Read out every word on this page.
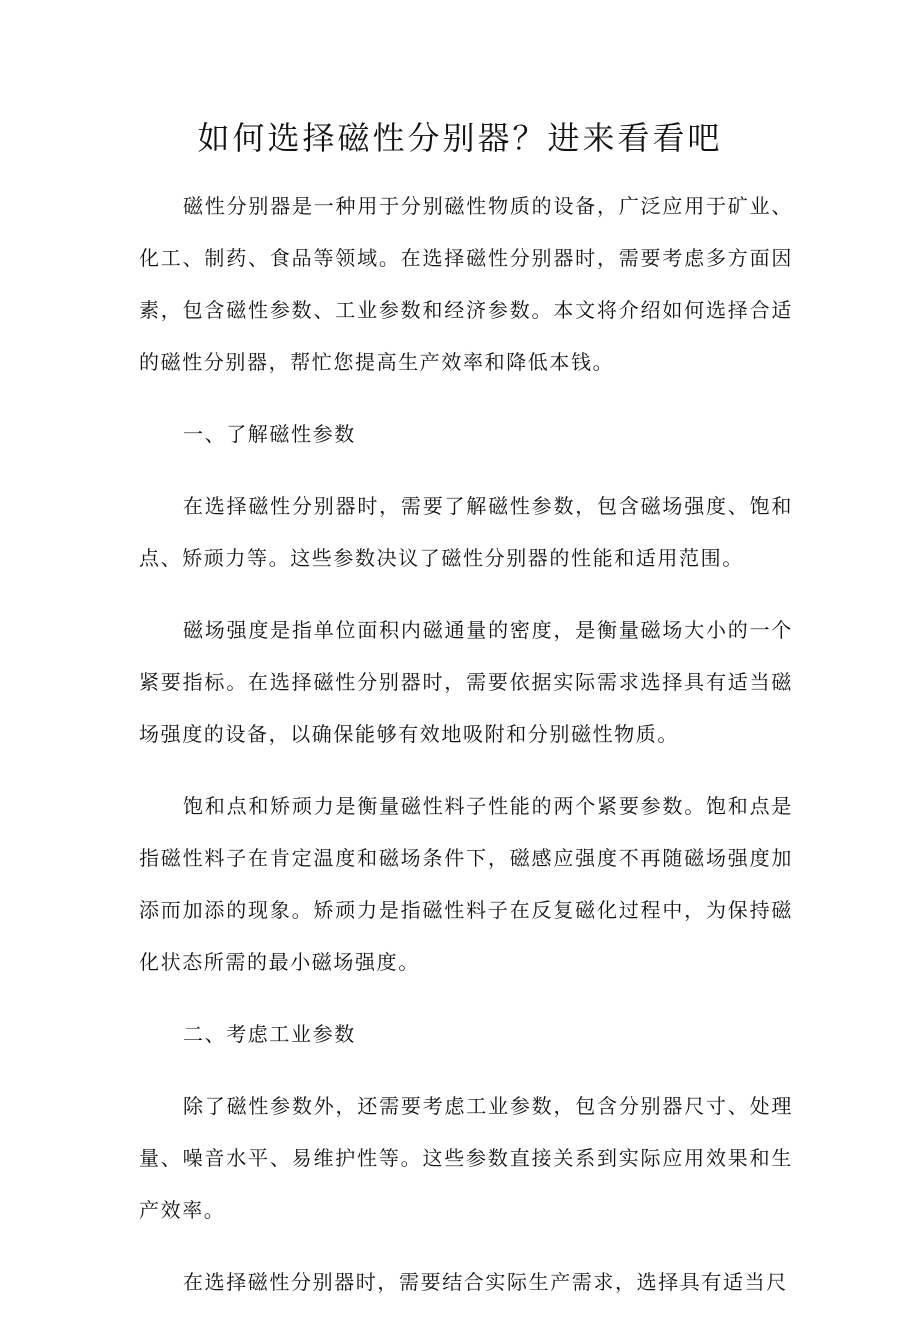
如何选择磁性分别器？进来看看吧

磁性分别器是一种用于分别磁性物质的设备，广泛应用于矿业、化工、制药、食品等领域。在选择磁性分别器时，需要考虑多方面因素，包含磁性参数、工业参数和经济参数。本文将介绍如何选择合适的磁性分别器，帮忙您提高生产效率和降低本钱。

一、了解磁性参数

在选择磁性分别器时，需要了解磁性参数，包含磁场强度、饱和点、矫顽力等。这些参数决议了磁性分别器的性能和适用范围。

磁场强度是指单位面积内磁通量的密度，是衡量磁场大小的一个紧要指标。在选择磁性分别器时，需要依据实际需求选择具有适当磁场强度的设备，以确保能够有效地吸附和分别磁性物质。

饱和点和矫顽力是衡量磁性料子性能的两个紧要参数。饱和点是指磁性料子在肯定温度和磁场条件下，磁感应强度不再随磁场强度加添而加添的现象。矫顽力是指磁性料子在反复磁化过程中，为保持磁化状态所需的最小磁场强度。

二、考虑工业参数

除了磁性参数外，还需要考虑工业参数，包含分别器尺寸、处理量、噪音水平、易维护性等。这些参数直接关系到实际应用效果和生产效率。

在选择磁性分别器时，需要结合实际生产需求，选择具有适当尺
